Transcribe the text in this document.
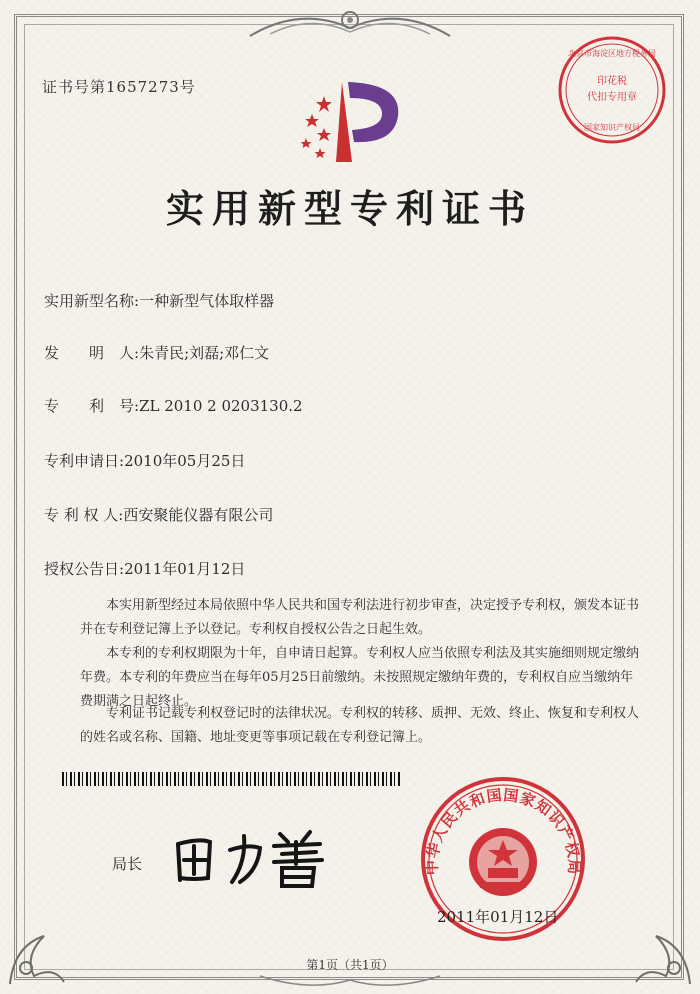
证书号第1657273号
北京市海淀区地方税务局
印花税
代扣专用章
国家知识产权局
实用新型专利证书
实用新型名称:一种新型气体取样器
发　　明　人:朱青民;刘磊;邓仁文
专　　利　号:ZL 2010 2 0203130.2
专利申请日:2010年05月25日
专 利 权 人:西安聚能仪器有限公司
授权公告日:2011年01月12日
　　本实用新型经过本局依照中华人民共和国专利法进行初步审查，决定授予专利权，颁发本证书并在专利登记簿上予以登记。专利权自授权公告之日起生效。
　　本专利的专利权期限为十年，自申请日起算。专利权人应当依照专利法及其实施细则规定缴纳年费。本专利的年费应当在每年05月25日前缴纳。未按照规定缴纳年费的，专利权自应当缴纳年费期满之日起终止。
　　专利证书记载专利权登记时的法律状况。专利权的转移、质押、无效、终止、恢复和专利权人的姓名或名称、国籍、地址变更等事项记载在专利登记簿上。
局长	中华人民共和国国家知识产权局
2011年01月12日
第1页（共1页）
